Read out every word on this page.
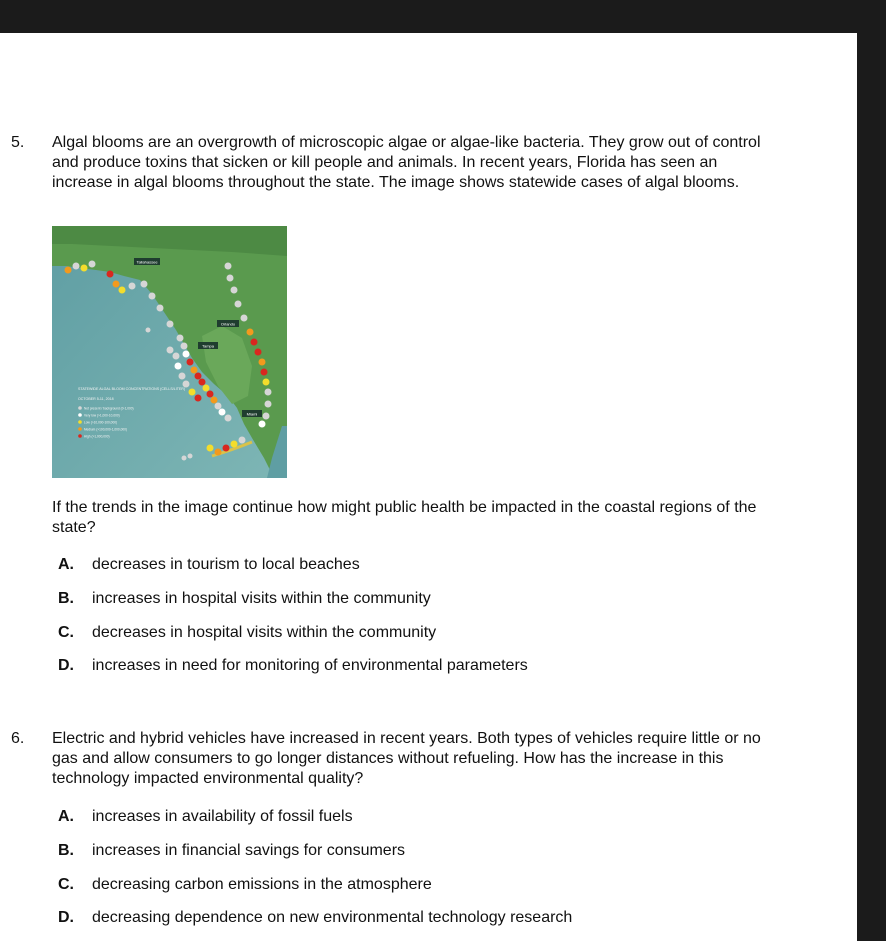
5. Algal blooms are an overgrowth of microscopic algae or algae-like bacteria. They grow out of control and produce toxins that sicken or kill people and animals. In recent years, Florida has seen an increase in algal blooms throughout the state. The image shows statewide cases of algal blooms.

Tallahassee
Orlando
Tampa
Miami
STATEWIDE ALGAL BLOOM CONCENTRATIONS (CELLS/LITER)
OCTOBER 5-11, 2018
Not present / background (0-1,000)
Very low (>1,000-10,000)
Low (>10,000-100,000)
Medium (>100,000-1,000,000)
High (>1,000,000)

If the trends in the image continue how might public health be impacted in the coastal regions of the state?

A. decreases in tourism to local beaches
B. increases in hospital visits within the community
C. decreases in hospital visits within the community
D. increases in need for monitoring of environmental parameters
6. Electric and hybrid vehicles have increased in recent years. Both types of vehicles require little or no gas and allow consumers to go longer distances without refueling. How has the increase in this technology impacted environmental quality?

A. increases in availability of fossil fuels
B. increases in financial savings for consumers
C. decreasing carbon emissions in the atmosphere
D. decreasing dependence on new environmental technology research
